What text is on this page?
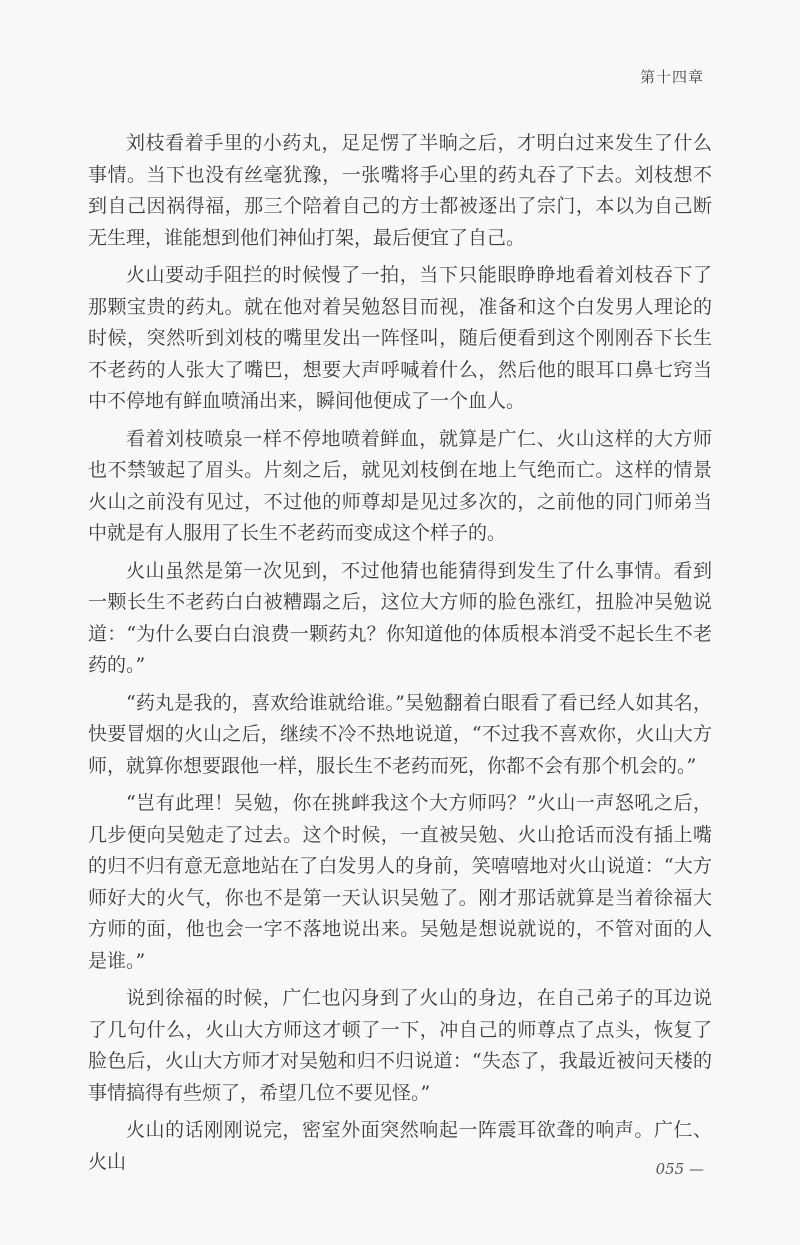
第十四章

刘枝看着手里的小药丸，足足愣了半晌之后，才明白过来发生了什么事情。当下也没有丝毫犹豫，一张嘴将手心里的药丸吞了下去。刘枝想不到自己因祸得福，那三个陪着自己的方士都被逐出了宗门，本以为自己断无生理，谁能想到他们神仙打架，最后便宜了自己。

火山要动手阻拦的时候慢了一拍，当下只能眼睁睁地看着刘枝吞下了那颗宝贵的药丸。就在他对着吴勉怒目而视，准备和这个白发男人理论的时候，突然听到刘枝的嘴里发出一阵怪叫，随后便看到这个刚刚吞下长生不老药的人张大了嘴巴，想要大声呼喊着什么，然后他的眼耳口鼻七窍当中不停地有鲜血喷涌出来，瞬间他便成了一个血人。

看着刘枝喷泉一样不停地喷着鲜血，就算是广仁、火山这样的大方师也不禁皱起了眉头。片刻之后，就见刘枝倒在地上气绝而亡。这样的情景火山之前没有见过，不过他的师尊却是见过多次的，之前他的同门师弟当中就是有人服用了长生不老药而变成这个样子的。

火山虽然是第一次见到，不过他猜也能猜得到发生了什么事情。看到一颗长生不老药白白被糟蹋之后，这位大方师的脸色涨红，扭脸冲吴勉说道：“为什么要白白浪费一颗药丸？你知道他的体质根本消受不起长生不老药的。”

“药丸是我的，喜欢给谁就给谁。”吴勉翻着白眼看了看已经人如其名，快要冒烟的火山之后，继续不冷不热地说道，“不过我不喜欢你，火山大方师，就算你想要跟他一样，服长生不老药而死，你都不会有那个机会的。”

“岂有此理！吴勉，你在挑衅我这个大方师吗？”火山一声怒吼之后，几步便向吴勉走了过去。这个时候，一直被吴勉、火山抢话而没有插上嘴的归不归有意无意地站在了白发男人的身前，笑嘻嘻地对火山说道：“大方师好大的火气，你也不是第一天认识吴勉了。刚才那话就算是当着徐福大方师的面，他也会一字不落地说出来。吴勉是想说就说的，不管对面的人是谁。”

说到徐福的时候，广仁也闪身到了火山的身边，在自己弟子的耳边说了几句什么，火山大方师这才顿了一下，冲自己的师尊点了点头，恢复了脸色后，火山大方师才对吴勉和归不归说道：“失态了，我最近被问天楼的事情搞得有些烦了，希望几位不要见怪。”

火山的话刚刚说完，密室外面突然响起一阵震耳欲聋的响声。广仁、火山	055 —
